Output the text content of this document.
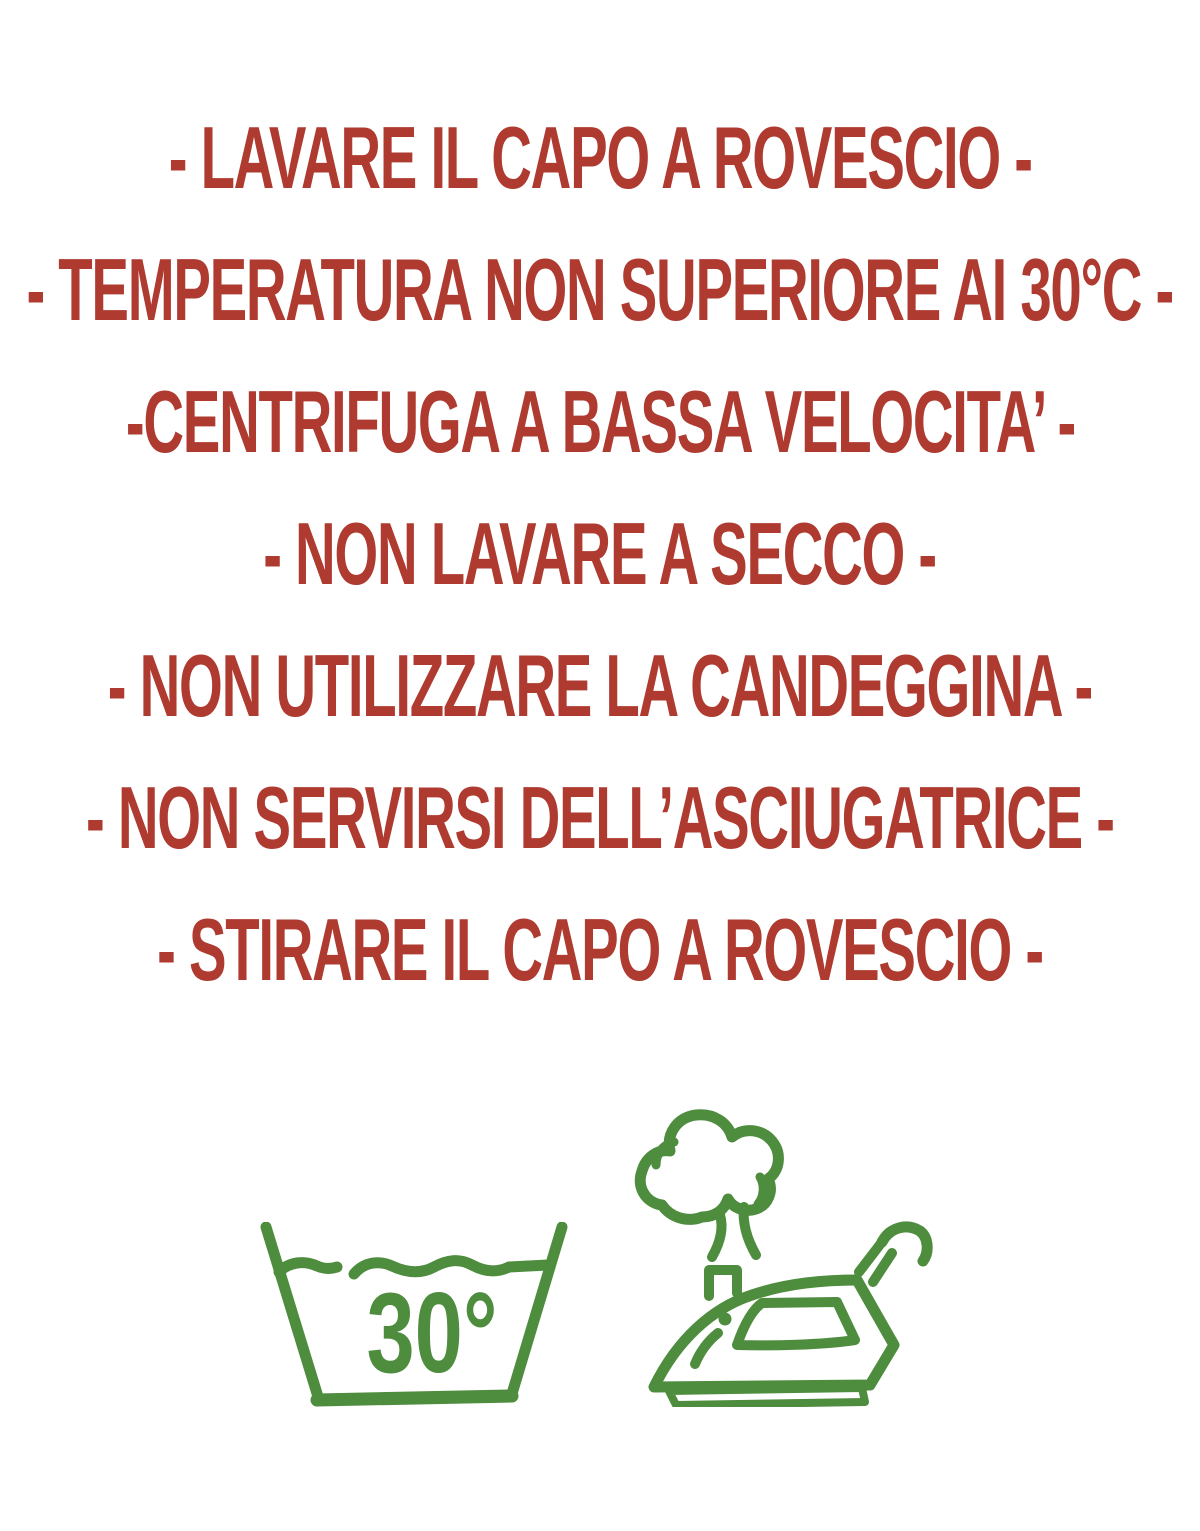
- LAVARE IL CAPO A ROVESCIO -
- TEMPERATURA NON SUPERIORE AI 30°C -
-CENTRIFUGA A BASSA VELOCITA’ -
- NON LAVARE A SECCO -
- NON UTILIZZARE LA CANDEGGINA -
- NON SERVIRSI DELL’ASCIUGATRICE -
- STIRARE IL CAPO A ROVESCIO -
30°
